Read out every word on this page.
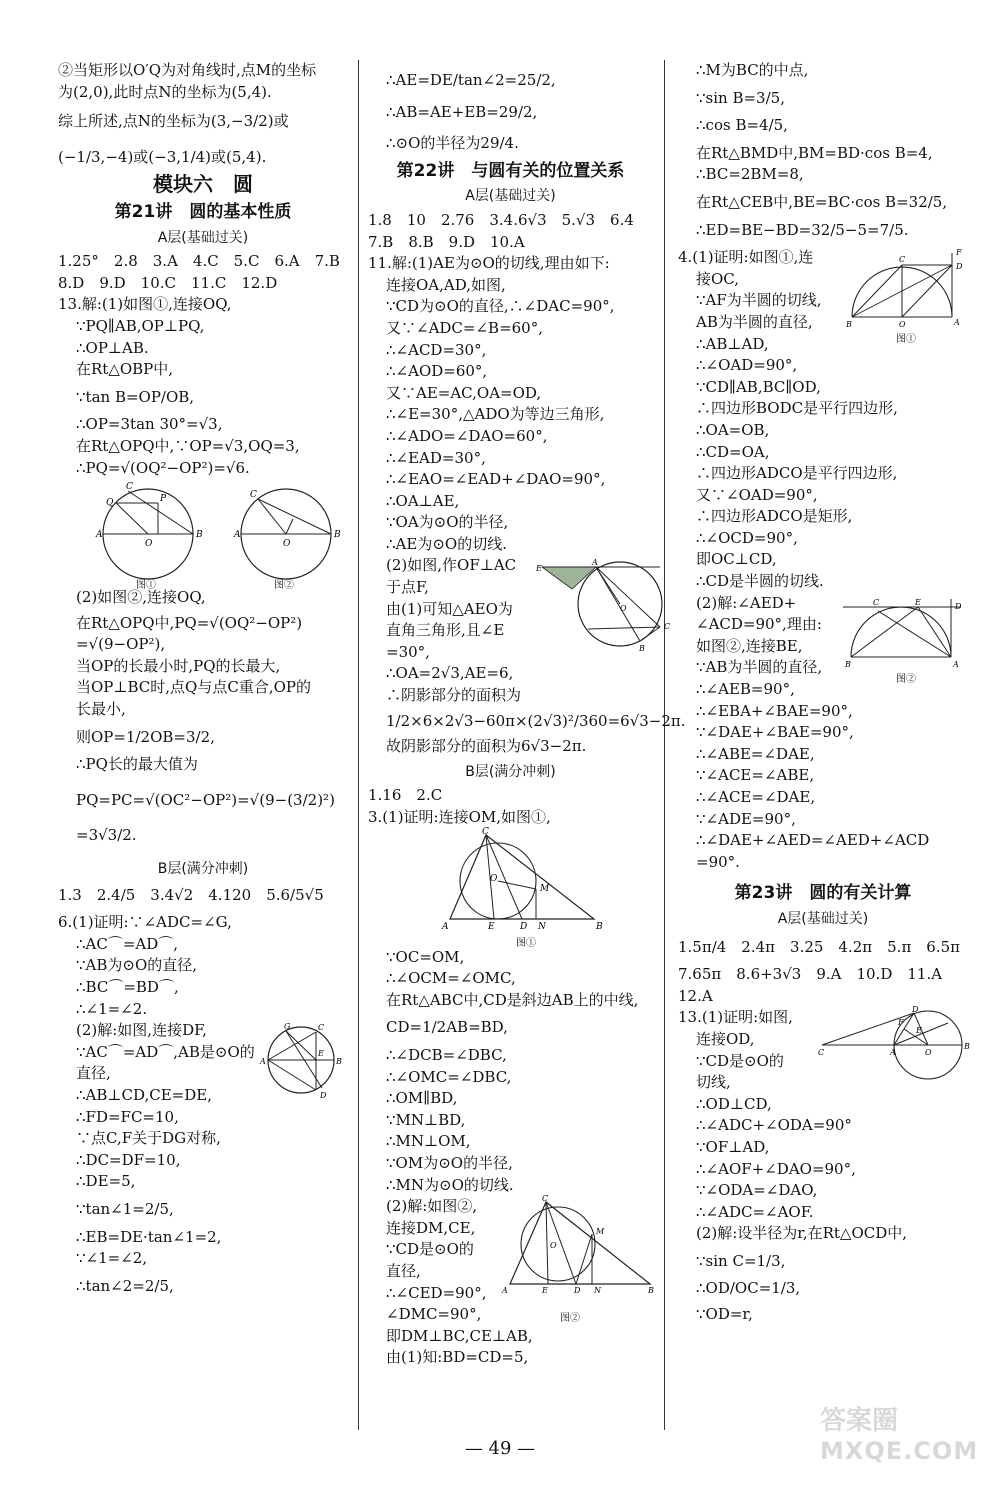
②当矩形以O′Q为对角线时,点M的坐标
为(2,0),此时点N的坐标为(5,4).
综上所述,点N的坐标为(3,−3/2)或
(−1/3,−4)或(−3,1/4)或(5,4).
模块六　圆
第21讲　圆的基本性质
A层(基础过关)
1.25°　2.8　3.A　4.C　5.C　6.A　7.B
8.D　9.D　10.C　11.C　12.D
13.解:(1)如图①,连接OQ,
∵PQ∥AB,OP⊥PQ,
∴OP⊥AB.
在Rt△OBP中,
∵tan B=OP/OB,
∴OP=3tan 30°=√3,
在Rt△OPQ中,∵OP=√3,OQ=3,
∴PQ=√(OQ²−OP²)=√6.
A	B
O
Q
C
P
A	B
O
C
图①	图②
(2)如图②,连接OQ,
在Rt△OPQ中,PQ=√(OQ²−OP²)
=√(9−OP²),
当OP的长最小时,PQ的长最大,
当OP⊥BC时,点Q与点C重合,OP的
长最小,
则OP=1/2OB=3/2,
∴PQ长的最大值为
PQ=PC=√(OC²−OP²)=√(9−(3/2)²)
=3√3/2.
B层(满分冲刺)
1.3　2.4/5　3.4√2　4.120　5.6/5√5
6.(1)证明:∵∠ADC=∠G,
∴AC⌒=AD⌒,
∵AB为⊙O的直径,
∴BC⌒=BD⌒,
∴∠1=∠2.
(2)解:如图,连接DF,
∵AC⌒=AD⌒,AB是⊙O的
直径,
A	B
G	C
D
E
∴AB⊥CD,CE=DE,
∴FD=FC=10,
∵点C,F关于DG对称,
∴DC=DF=10,
∴DE=5,
∵tan∠1=2/5,
∴EB=DE·tan∠1=2,
∵∠1=∠2,
∴tan∠2=2/5,
∴AE=DE/tan∠2=25/2,
∴AB=AE+EB=29/2,
∴⊙O的半径为29/4.
第22讲　与圆有关的位置关系
A层(基础过关)
1.8　10　2.76　3.4.6√3　5.√3　6.4
7.B　8.B　9.D　10.A
11.解:(1)AE为⊙O的切线,理由如下:
连接OA,AD,如图,
∵CD为⊙O的直径,∴∠DAC=90°,
又∵∠ADC=∠B=60°,
∴∠ACD=30°,
∴∠AOD=60°,
又∵AE=AC,OA=OD,
∴∠E=30°,△ADO为等边三角形,
∴∠ADO=∠DAO=60°,
∴∠EAD=30°,
∴∠EAO=∠EAD+∠DAO=90°,
∴OA⊥AE,
∵OA为⊙O的半径,
∴AE为⊙O的切线.
(2)如图,作OF⊥AC
于点F,
由(1)可知△AEO为
直角三角形,且∠E
=30°,
E
A
C
O
B
∴OA=2√3,AE=6,
∴阴影部分的面积为
1/2×6×2√3−60π×(2√3)²/360=6√3−2π.
故阴影部分的面积为6√3−2π.
B层(满分冲刺)
1.16　2.C
3.(1)证明:连接OM,如图①,
A	B
C
M
O
E	D N
图①
∵OC=OM,
∴∠OCM=∠OMC,
在Rt△ABC中,CD是斜边AB上的中线,
CD=1/2AB=BD,
∴∠DCB=∠DBC,
∴∠OMC=∠DBC,
∴OM∥BD,
∵MN⊥BD,
∴MN⊥OM,
∵OM为⊙O的半径,
∴MN为⊙O的切线.
(2)解:如图②,
连接DM,CE,
∵CD是⊙O的
直径,
∴∠CED=90°,
∠DMC=90°,
即DM⊥BC,CE⊥AB,
由(1)知:BD=CD=5,
A	B
C
M
E	D N
O
图②
∴M为BC的中点,
∵sin B=3/5,
∴cos B=4/5,
在Rt△BMD中,BM=BD·cos B=4,
∴BC=2BM=8,
在Rt△CEB中,BE=BC·cos B=32/5,
∴ED=BE−BD=32/5−5=7/5.
4.(1)证明:如图①,连
接OC,
∵AF为半圆的切线,
AB为半圆的直径,	B	A
C
D
F
O
图①
∴AB⊥AD,
∴∠OAD=90°,
∵CD∥AB,BC∥OD,
∴四边形BODC是平行四边形,
∴OA=OB,
∴CD=OA,
∴四边形ADCO是平行四边形,
又∵∠OAD=90°,
∴四边形ADCO是矩形,
∴∠OCD=90°,
即OC⊥CD,
∴CD是半圆的切线.
(2)解:∠AED+
∠ACD=90°,理由:
如图②,连接BE,
∵AB为半圆的直径,	B	A
C	E	D
图②
∴∠AEB=90°,
∴∠EBA+∠BAE=90°,
∵∠DAE+∠BAE=90°,
∴∠ABE=∠DAE,
∵∠ACE=∠ABE,
∴∠ACE=∠DAE,
∵∠ADE=90°,
∴∠DAE+∠AED=∠AED+∠ACD
=90°.
第23讲　圆的有关计算
A层(基础过关)
1.5π/4　2.4π　3.25　4.2π　5.π　6.5π
7.65π　8.6+3√3　9.A　10.D　11.A
12.A
13.(1)证明:如图,
连接OD,
∵CD是⊙O的
切线,
C	A	O
B
D
F
E
∴OD⊥CD,
∴∠ADC+∠ODA=90°
∵OF⊥AD,
∴∠AOF+∠DAO=90°,
∵∠ODA=∠DAO,
∴∠ADC=∠AOF.
(2)解:设半径为r,在Rt△OCD中,
∵sin C=1/3,
∴OD/OC=1/3,
∵OD=r,
— 49 —
答案圈
MXQE.COM
